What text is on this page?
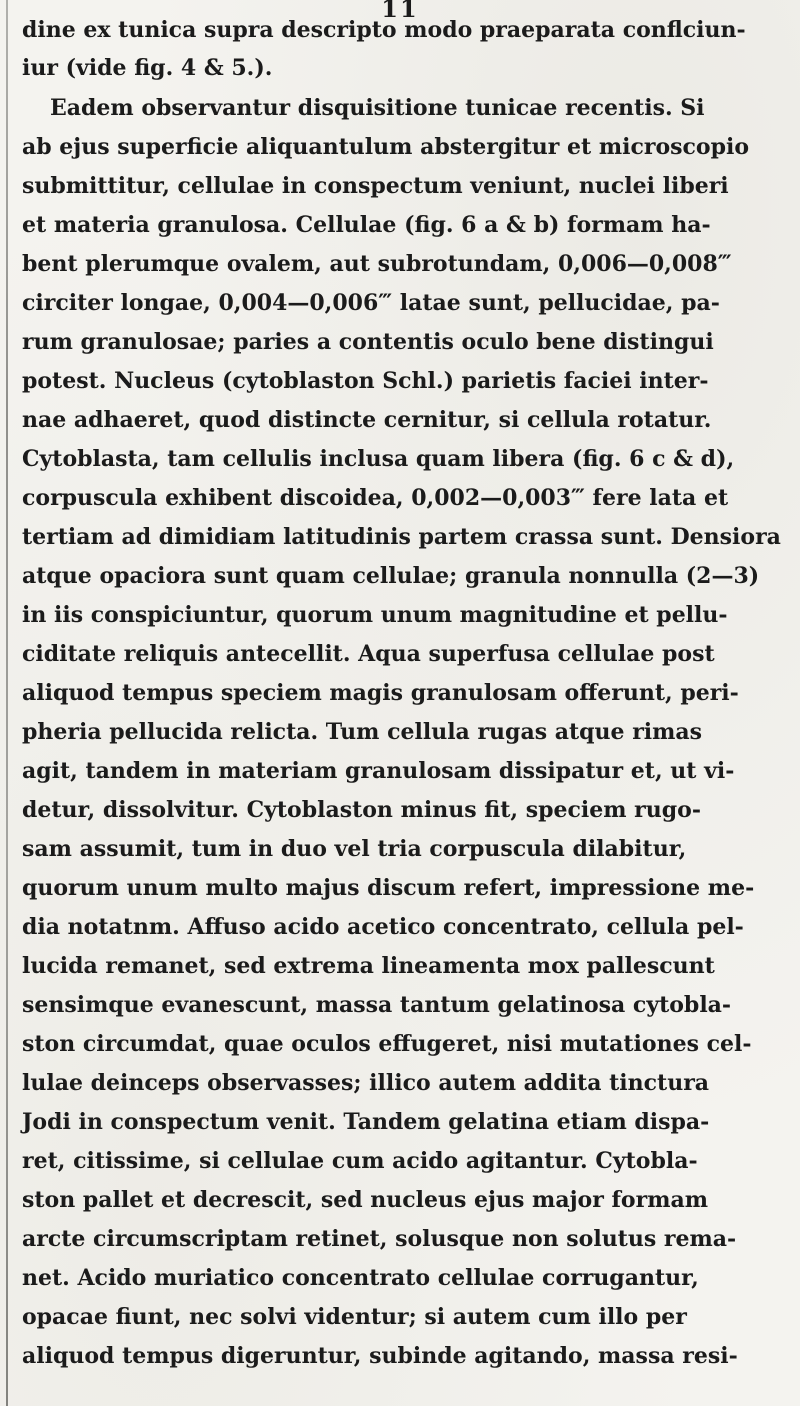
11
dine ex tunica supra descripto modo praeparata conflciun-
iur (vide fig. 4 & 5.).
Eadem observantur disquisitione tunicae recentis. Si
ab ejus superficie aliquantulum abstergitur et microscopio
submittitur, cellulae in conspectum veniunt, nuclei liberi
et materia granulosa. Cellulae (fig. 6 a & b) formam ha-
bent plerumque ovalem, aut subrotundam, 0,006—0,008‴
circiter longae, 0,004—0,006‴ latae sunt, pellucidae, pa-
rum granulosae; paries a contentis oculo bene distingui
potest. Nucleus (cytoblaston Schl.) parietis faciei inter-
nae adhaeret, quod distincte cernitur, si cellula rotatur.
Cytoblasta, tam cellulis inclusa quam libera (fig. 6 c & d),
corpuscula exhibent discoidea, 0,002—0,003‴ fere lata et
tertiam ad dimidiam latitudinis partem crassa sunt. Densiora
atque opaciora sunt quam cellulae; granula nonnulla (2—3)
in iis conspiciuntur, quorum unum magnitudine et pellu-
ciditate reliquis antecellit. Aqua superfusa cellulae post
aliquod tempus speciem magis granulosam offerunt, peri-
pheria pellucida relicta. Tum cellula rugas atque rimas
agit, tandem in materiam granulosam dissipatur et, ut vi-
detur, dissolvitur. Cytoblaston minus fit, speciem rugo-
sam assumit, tum in duo vel tria corpuscula dilabitur,
quorum unum multo majus discum refert, impressione me-
dia notatnm. Affuso acido acetico concentrato, cellula pel-
lucida remanet, sed extrema lineamenta mox pallescunt
sensimque evanescunt, massa tantum gelatinosa cytobla-
ston circumdat, quae oculos effugeret, nisi mutationes cel-
lulae deinceps observasses; illico autem addita tinctura
Jodi in conspectum venit. Tandem gelatina etiam dispa-
ret, citissime, si cellulae cum acido agitantur. Cytobla-
ston pallet et decrescit, sed nucleus ejus major formam
arcte circumscriptam retinet, solusque non solutus rema-
net. Acido muriatico concentrato cellulae corrugantur,
opacae fiunt, nec solvi videntur; si autem cum illo per
aliquod tempus digeruntur, subinde agitando, massa resi-
